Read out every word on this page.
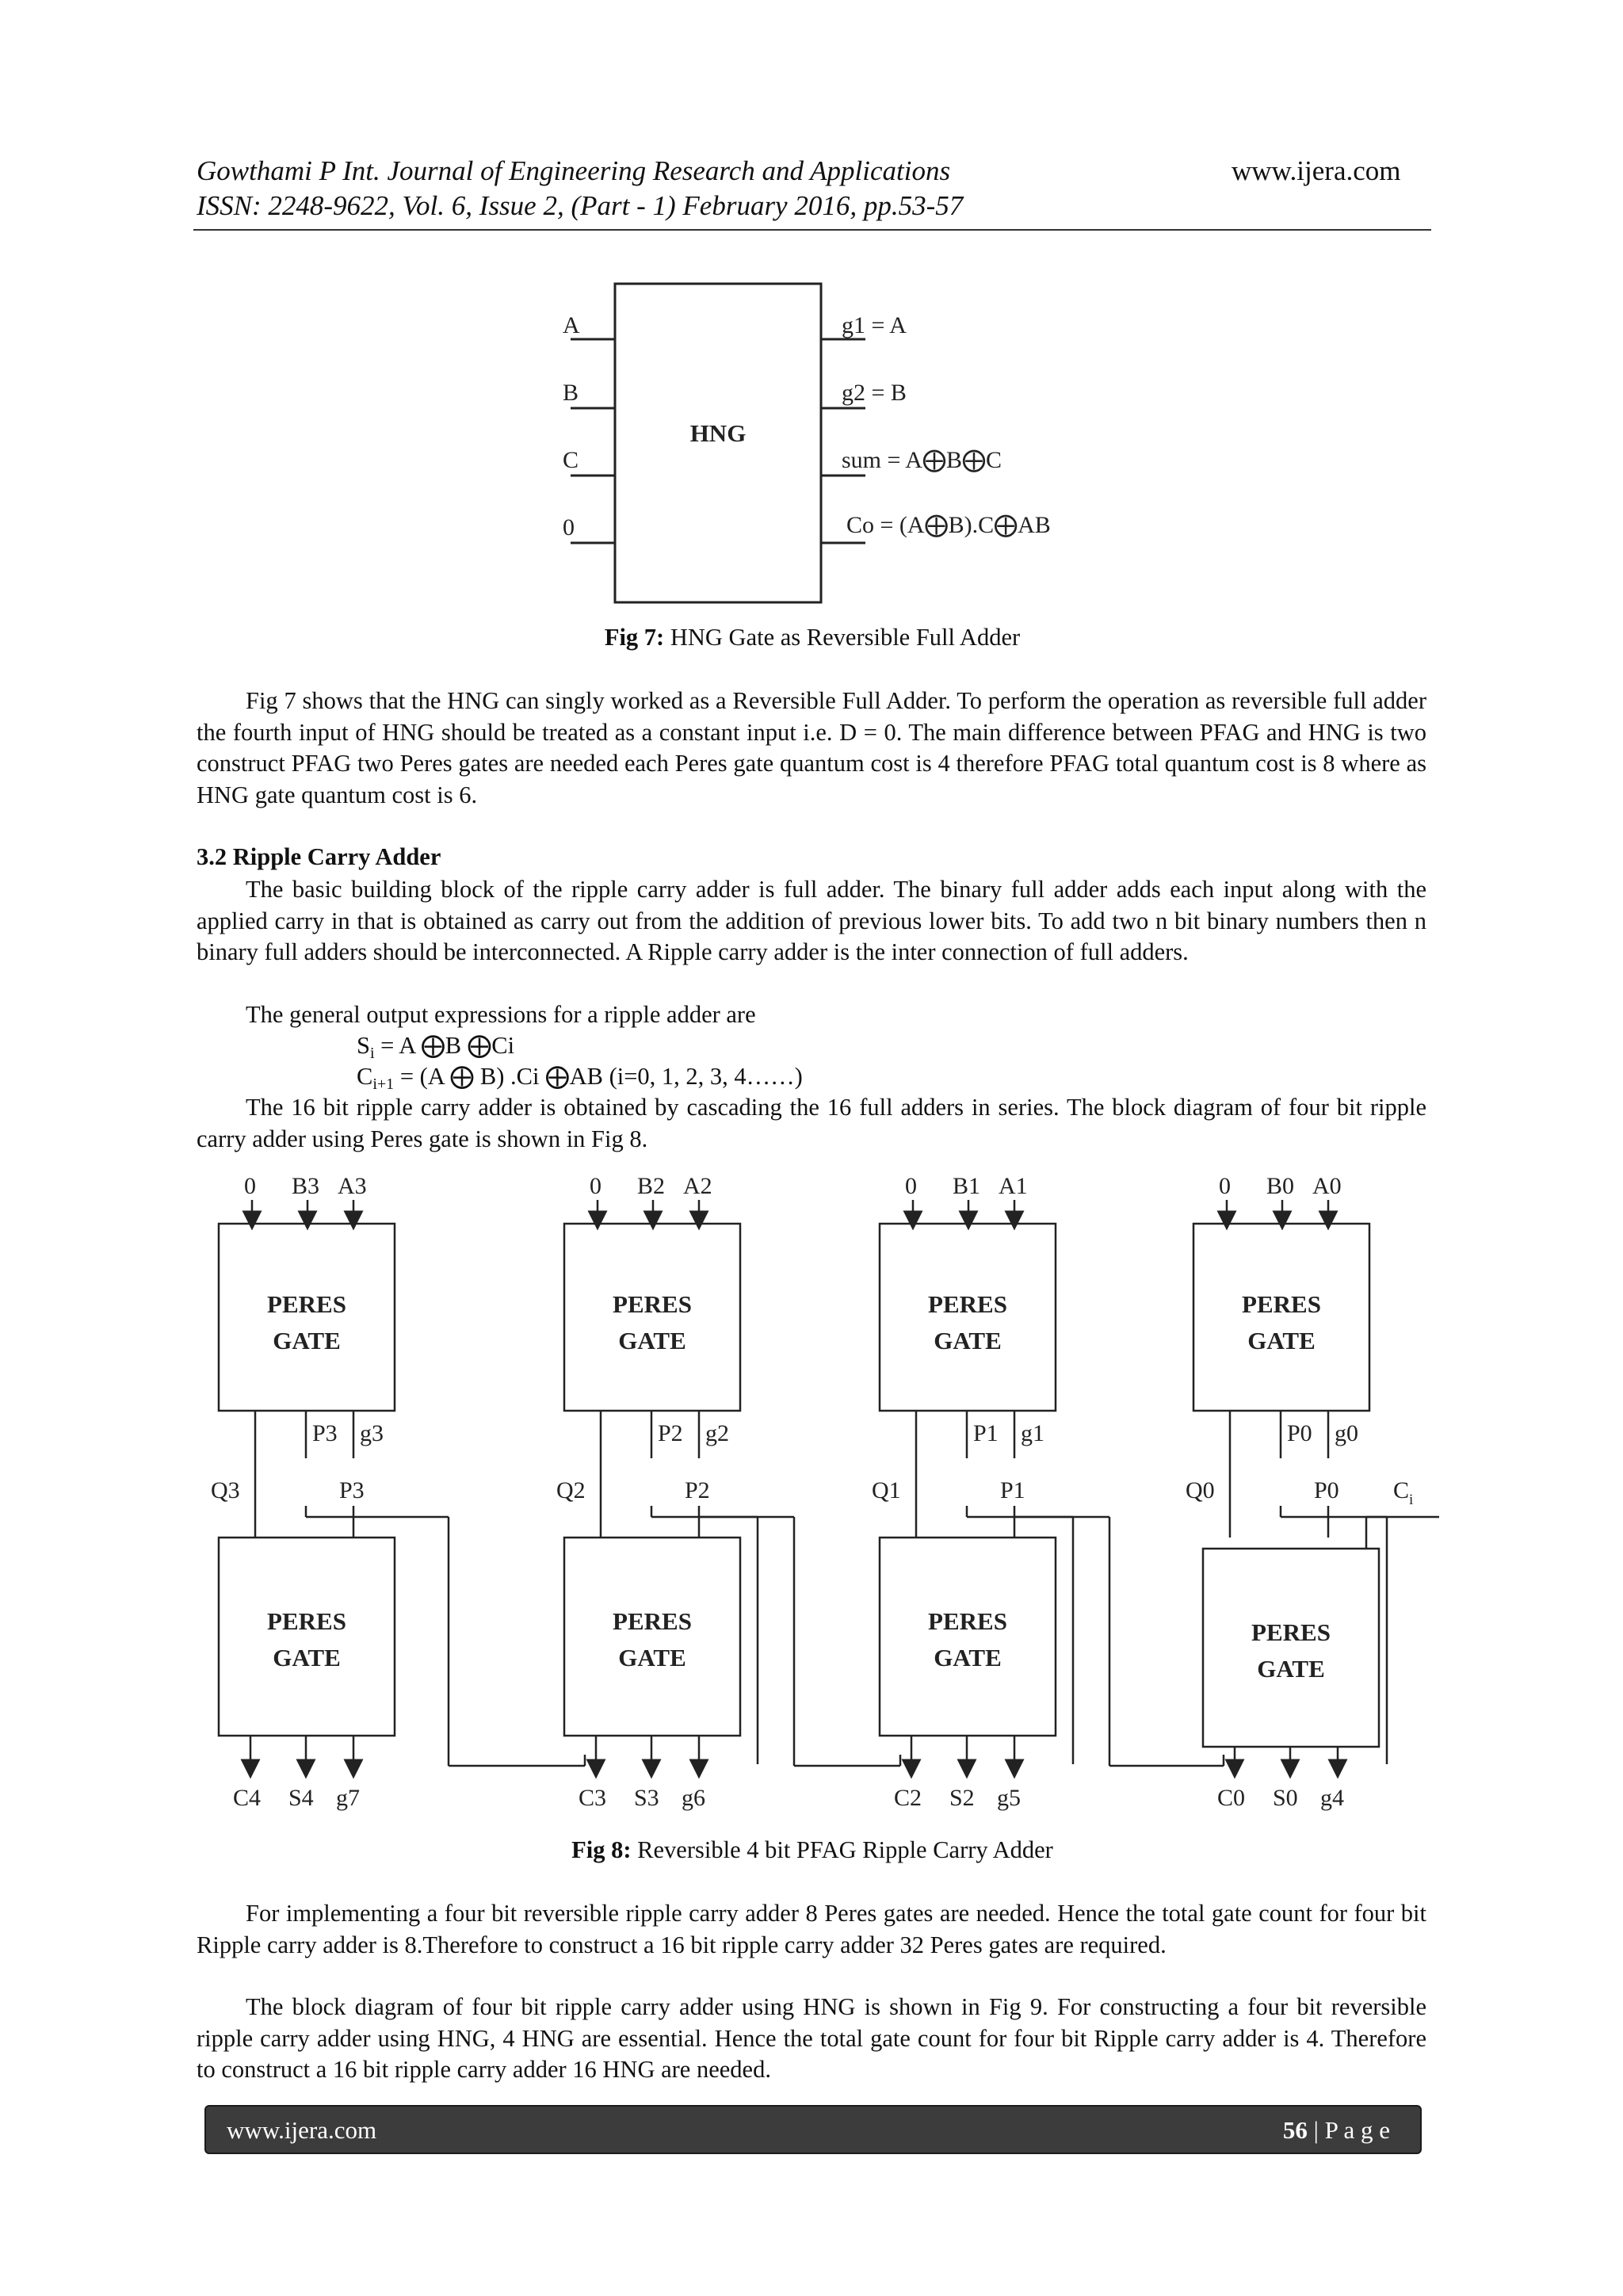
Gowthami P Int. Journal of Engineering Research and Applications	www.ijera.com
ISSN: 2248-9622, Vol. 6, Issue 2, (Part - 1) February 2016, pp.53-57
HNG
A
B
C
0
g1 = A
g2 = B
sum = A⨁B⨁C
Co = (A⨁B).C⨁AB
Fig 7: HNG Gate as Reversible Full Adder
Fig 7 shows that the HNG can singly worked as a Reversible Full Adder. To perform the operation as reversible full adder the fourth input of HNG should be treated as a constant input i.e. D = 0. The main difference between PFAG and HNG is two construct PFAG two Peres gates are needed each Peres gate quantum cost is 4 therefore PFAG total quantum cost is 8 where as HNG gate quantum cost is 6.
3.2 Ripple Carry Adder
The basic building block of the ripple carry adder is full adder. The binary full adder adds each input along with the applied carry in that is obtained as carry out from the addition of previous lower bits. To add two n bit binary numbers then n binary full adders should be interconnected. A Ripple carry adder is the inter connection of full adders.
The general output expressions for a ripple adder are
$S_i = A$ ⨁B ⨁Ci
$C_{i+1} = (A$ ⨁ B) .Ci ⨁AB (i=0, 1, 2, 3, 4……)
The 16 bit ripple carry adder is obtained by cascading the 16 full adders in series. The block diagram of four bit ripple carry adder using Peres gate is shown in Fig 8.
PERES
GATE
0 B3 A3
P3 g3
Q3	P3
PERES
GATE
C4 S4 g7
PERES
GATE
0 B2 A2
P2 g2
Q2	P2
PERES
GATE
C3 S3 g6
PERES
GATE
0 B1 A1
P1 g1
Q1	P1
PERES
GATE
C2 S2 g5
PERES
GATE
0 B0 A0
P0 g0
Q0	P0
PERES
GATE
C0 S0 g4
C i
Fig 8: Reversible 4 bit PFAG Ripple Carry Adder
For implementing a four bit reversible ripple carry adder 8 Peres gates are needed. Hence the total gate count for four bit Ripple carry adder is 8.Therefore to construct a 16 bit ripple carry adder 32 Peres gates are required.
The block diagram of four bit ripple carry adder using HNG is shown in Fig 9. For constructing a four bit reversible ripple carry adder using HNG, 4 HNG are essential. Hence the total gate count for four bit Ripple carry adder is 4. Therefore to construct a 16 bit ripple carry adder 16 HNG are needed.
www.ijera.com	56 | P a g e
